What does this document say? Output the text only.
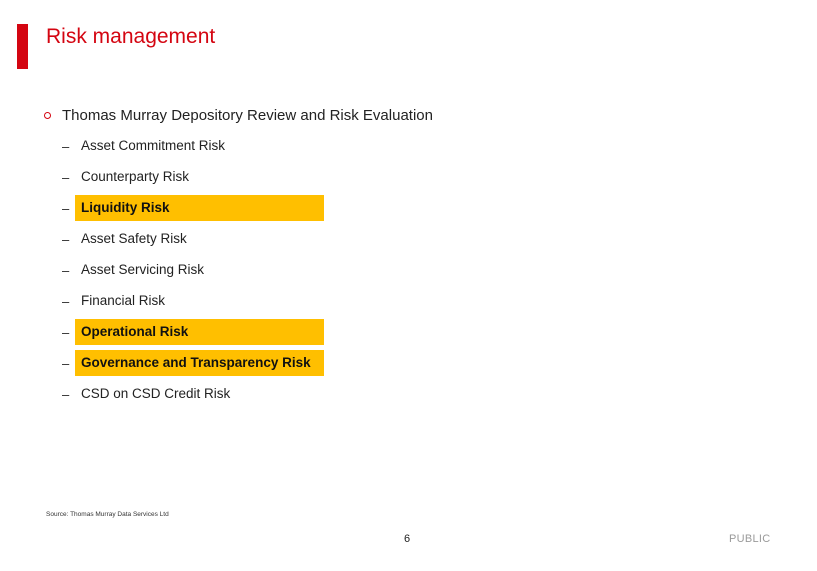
Risk management
Thomas Murray Depository Review and Risk Evaluation
– Asset Commitment Risk
– Counterparty Risk
– Liquidity Risk
– Asset Safety Risk
– Asset Servicing Risk
– Financial Risk
– Operational Risk
– Governance and Transparency Risk
– CSD on CSD Credit Risk
Source: Thomas Murray Data Services Ltd
6	PUBLIC
